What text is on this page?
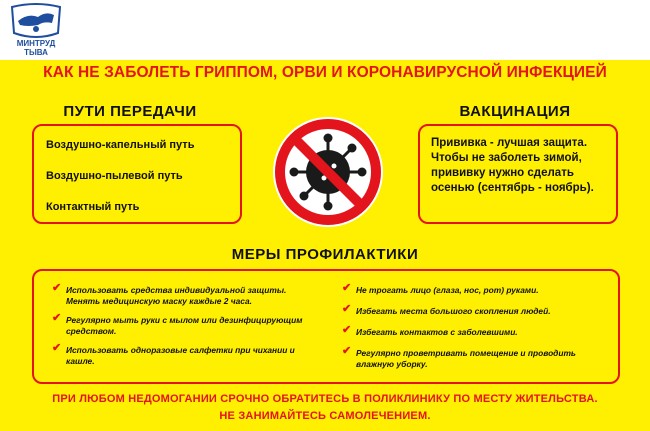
МИНТРУД
ТЫВА
КАК НЕ ЗАБОЛЕТЬ ГРИППОМ, ОРВИ И КОРОНАВИРУСНОЙ ИНФЕКЦИЕЙ
ПУТИ ПЕРЕДАЧИ
Воздушно-капельный путь
Воздушно-пылевой путь
Контактный путь
ВАКЦИНАЦИЯ
Прививка - лучшая защита.
Чтобы не заболеть зимой,
прививку нужно сделать
осенью (сентябрь - ноябрь).
МЕРЫ ПРОФИЛАКТИКИ
✔ Использовать средства индивидуальной защиты. Менять медицинскую маску каждые 2 часа.
✔ Регулярно мыть руки с мылом или дезинфицирующим средством.
✔ Использовать одноразовые салфетки при чихании и кашле.
✔ Не трогать лицо (глаза, нос, рот) руками.
✔ Избегать места большого скопления людей.
✔ Избегать контактов с заболевшими.
✔ Регулярно проветривать помещение и проводить влажную уборку.
ПРИ ЛЮБОМ НЕДОМОГАНИИ СРОЧНО ОБРАТИТЕСЬ В ПОЛИКЛИНИКУ ПО МЕСТУ ЖИТЕЛЬСТВА.
НЕ ЗАНИМАЙТЕСЬ САМОЛЕЧЕНИЕМ.
